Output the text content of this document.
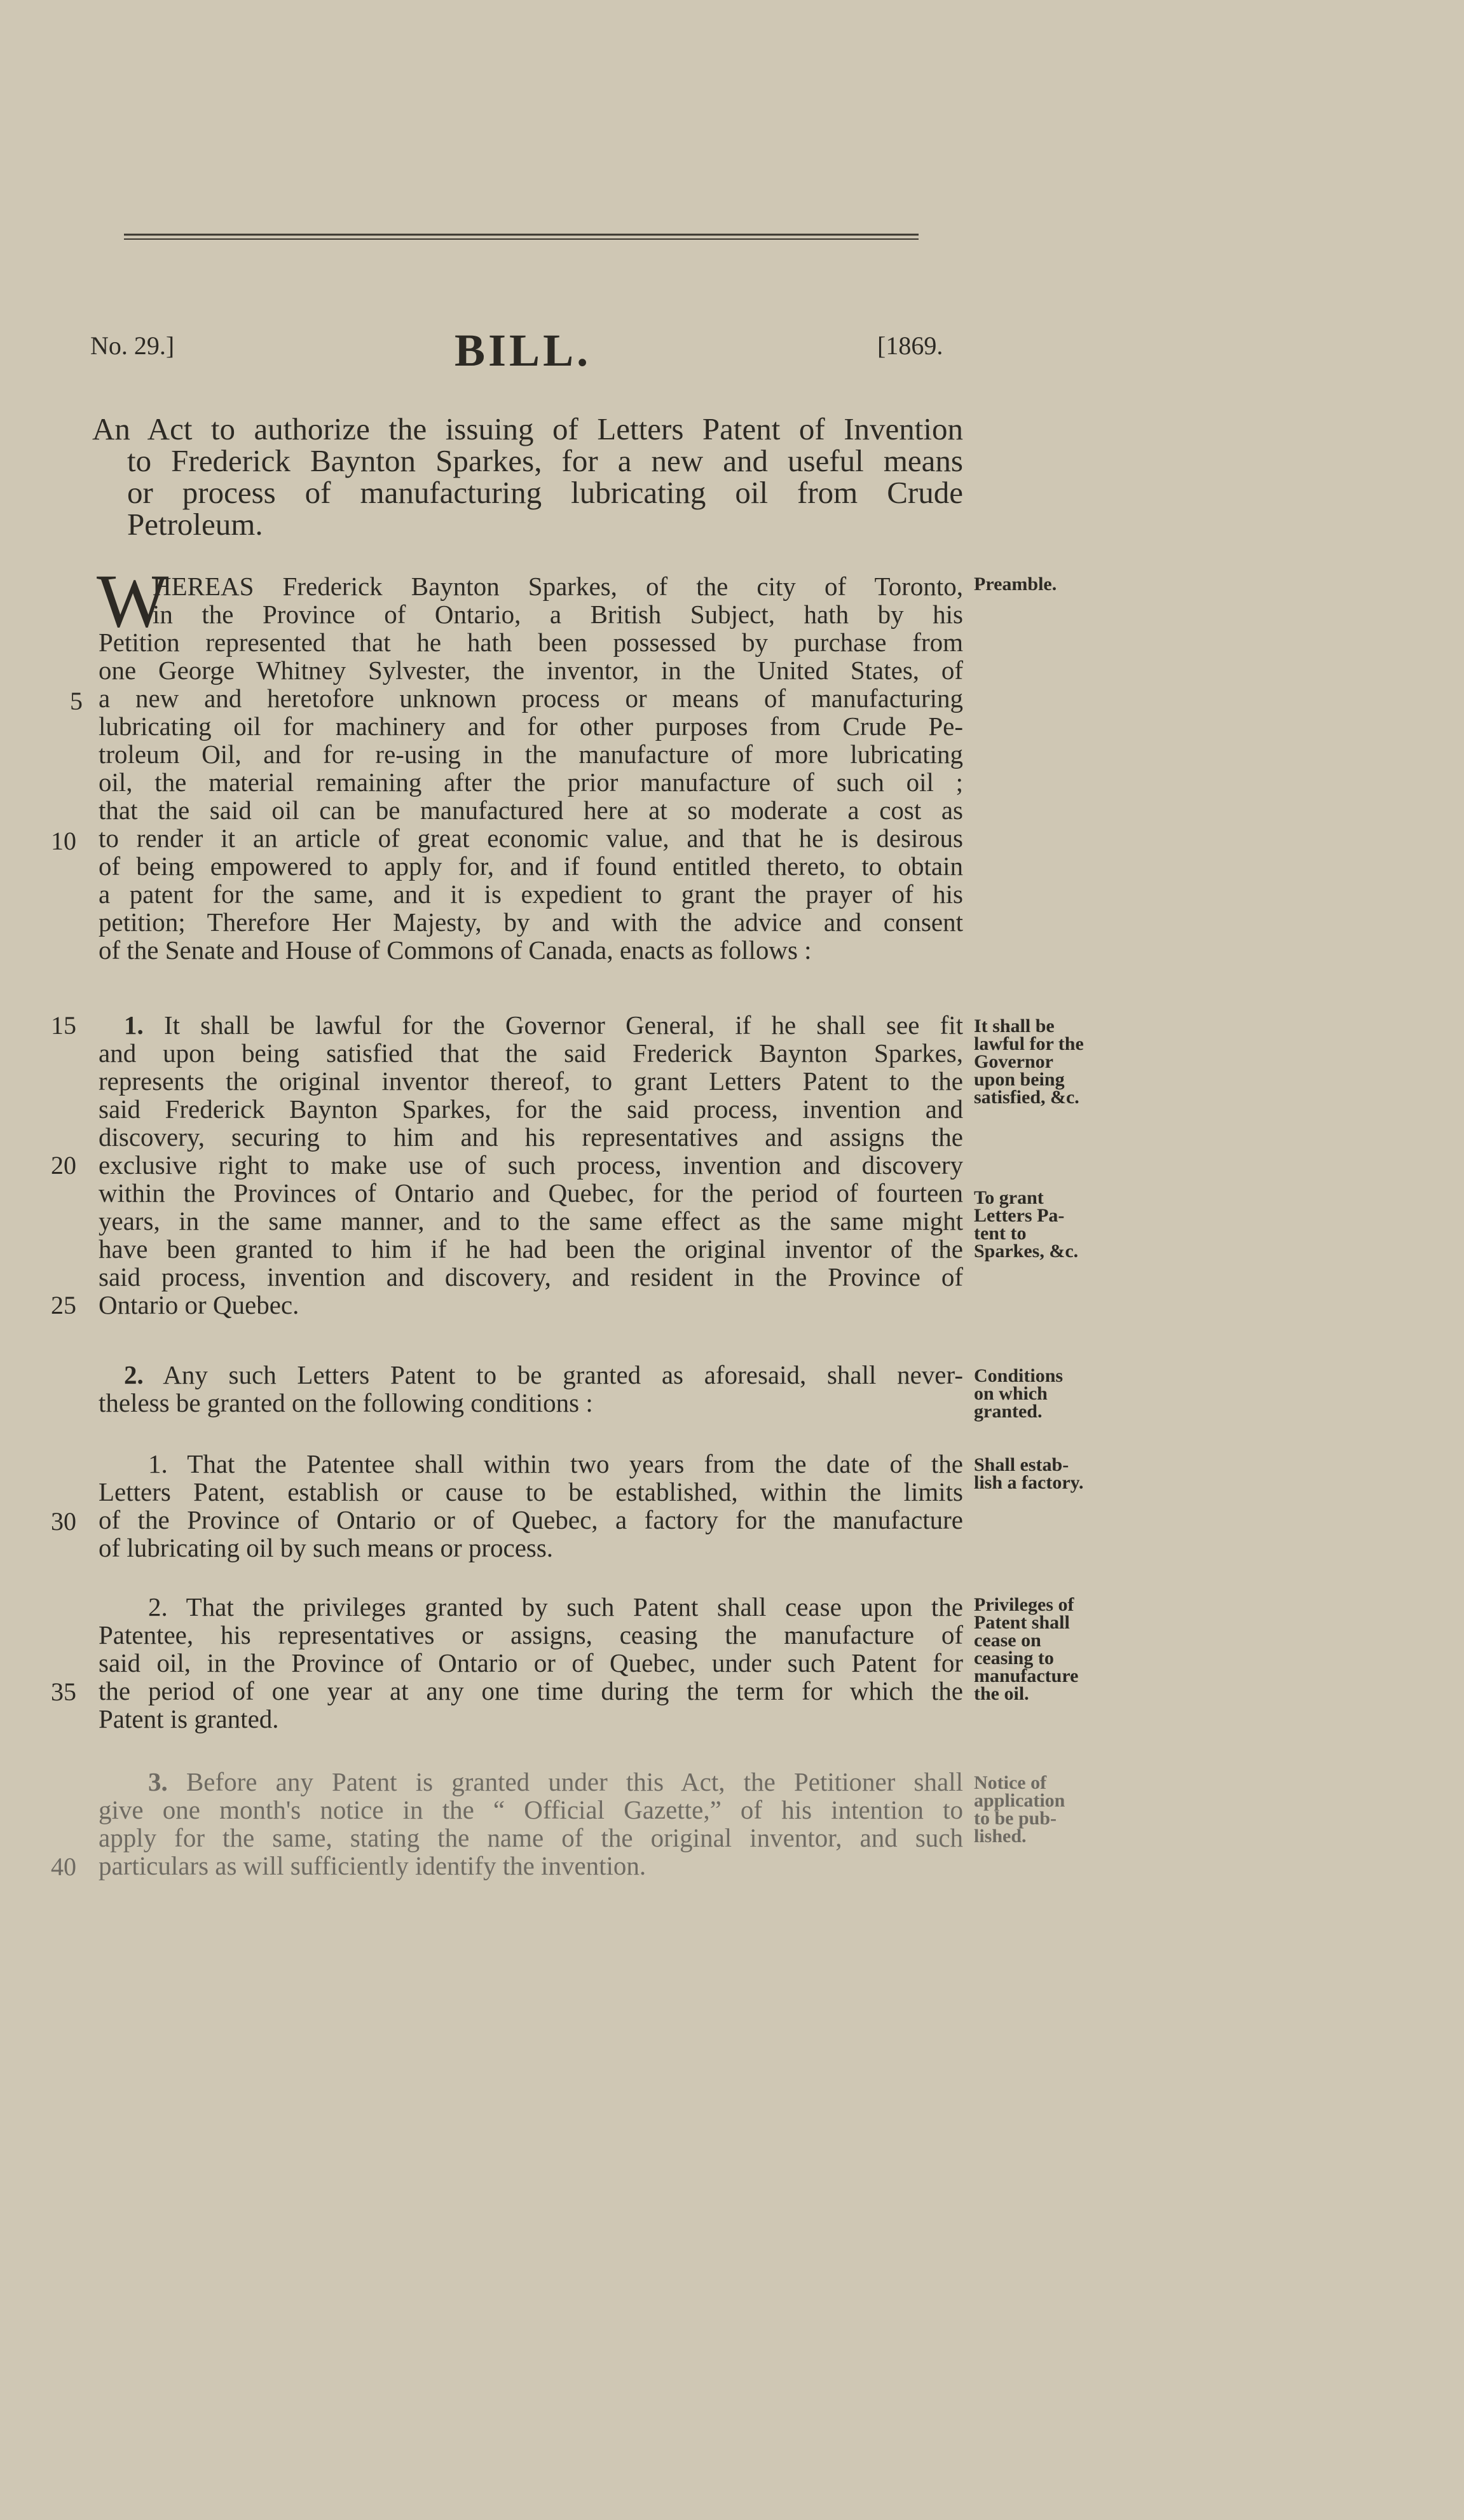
No. 29.]	BILL.	[1869.
An Act to authorize the issuing of Letters Patent of Invention
to Frederick Baynton Sparkes, for a new and useful means
or process of manufacturing lubricating oil from Crude
Petroleum.
W
HEREAS Frederick Baynton Sparkes, of the city of Toronto,
in the Province of Ontario, a British Subject, hath by his
Petition represented that he hath been possessed by purchase from
one George Whitney Sylvester, the inventor, in the United States, of
a new and heretofore unknown process or means of manufacturing
lubricating oil for machinery and for other purposes from Crude Pe-
troleum Oil, and for re-using in the manufacture of more lubricating
oil, the material remaining after the prior manufacture of such oil ;
that the said oil can be manufactured here at so moderate a cost as
to render it an article of great economic value, and that he is desirous
of being empowered to apply for, and if found entitled thereto, to obtain
a patent for the same, and it is expedient to grant the prayer of his
petition; Therefore Her Majesty, by and with the advice and consent
of the Senate and House of Commons of Canada, enacts as follows :
1. It shall be lawful for the Governor General, if he shall see fit
and upon being satisfied that the said Frederick Baynton Sparkes,
represents the original inventor thereof, to grant Letters Patent to the
said Frederick Baynton Sparkes, for the said process, invention and
discovery, securing to him and his representatives and assigns the
exclusive right to make use of such process, invention and discovery
within the Provinces of Ontario and Quebec, for the period of fourteen
years, in the same manner, and to the same effect as the same might
have been granted to him if he had been the original inventor of the
said process, invention and discovery, and resident in the Province of
Ontario or Quebec.
2. Any such Letters Patent to be granted as aforesaid, shall never-
theless be granted on the following conditions :
1. That the Patentee shall within two years from the date of the
Letters Patent, establish or cause to be established, within the limits
of the Province of Ontario or of Quebec, a factory for the manufacture
of lubricating oil by such means or process.
2. That the privileges granted by such Patent shall cease upon the
Patentee, his representatives or assigns, ceasing the manufacture of
said oil, in the Province of Ontario or of Quebec, under such Patent for
the period of one year at any one time during the term for which the
Patent is granted.
3. Before any Patent is granted under this Act, the Petitioner shall
give one month's notice in the “ Official Gazette,” of his intention to
apply for the same, stating the name of the original inventor, and such
particulars as will sufficiently identify the invention.
5
10
15
20
25
30
35
40
Preamble.
It shall be
lawful for the
Governor
upon being
satisfied, &c.
To grant
Letters Pa-
tent to
Sparkes, &c.
Conditions
on which
granted.
Shall estab-
lish a factory.
Privileges of
Patent shall
cease on
ceasing to
manufacture
the oil.
Notice of
application
to be pub-
lished.
